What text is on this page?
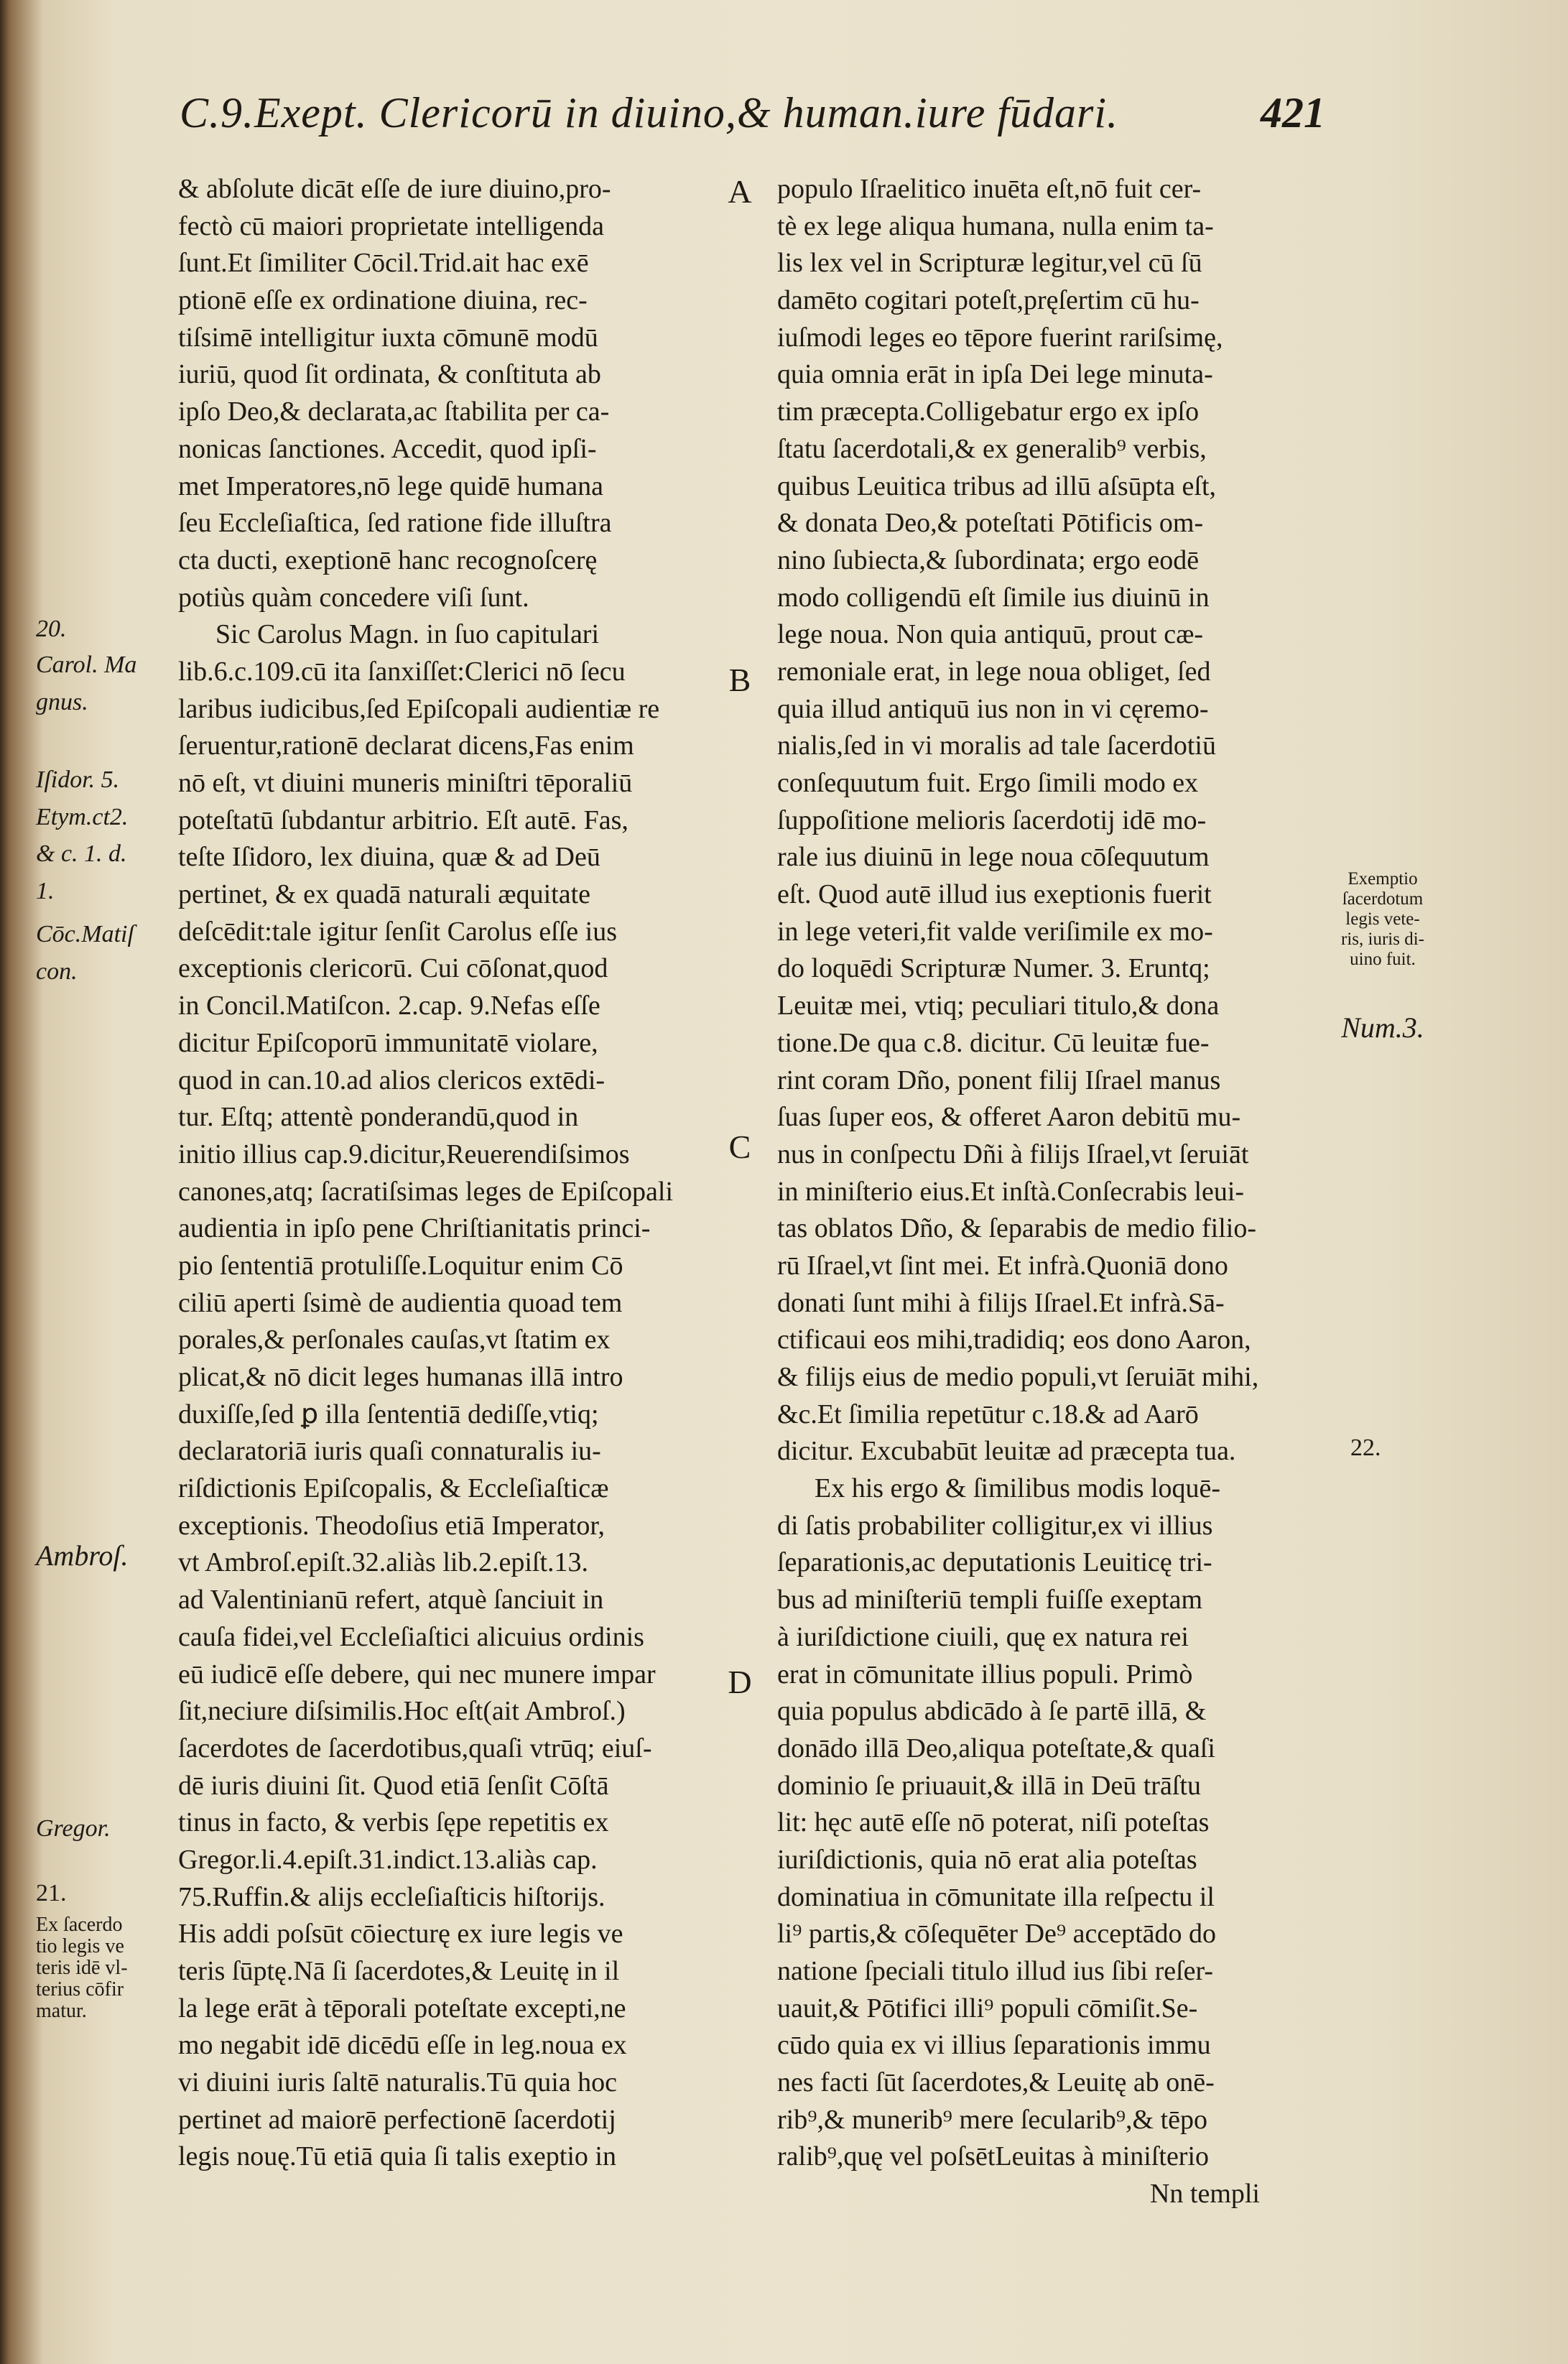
C.9.Exept. Clericorū in diuino,& human.iure fūdari.	421
A
B
C
D
& abſolute dicāt eſſe de iure diuino,pro-
fectò cū maiori proprietate intelligenda
ſunt.Et ſimiliter Cōcil.Trid.ait hac exē
ptionē eſſe ex ordinatione diuina, rec-
tiſsimē intelligitur iuxta cōmunē modū
iuriū, quod ſit ordinata, & conſtituta ab
ipſo Deo,& declarata,ac ſtabilita per ca-
nonicas ſanctiones. Accedit, quod ipſi-
met Imperatores,nō lege quidē humana
ſeu Eccleſiaſtica, ſed ratione fide illuſtra
cta ducti, exeptionē hanc recognoſcerę
potiùs quàm concedere viſi ſunt.
Sic Carolus Magn. in ſuo capitulari
lib.6.c.109.cū ita ſanxiſſet:Clerici nō ſecu
laribus iudicibus,ſed Epiſcopali audientiæ re
ſeruentur,rationē declarat dicens,Fas enim
nō eſt, vt diuini muneris miniſtri tēporaliū
poteſtatū ſubdantur arbitrio. Eſt autē. Fas,
teſte Iſidoro, lex diuina, quæ & ad Deū
pertinet, & ex quadā naturali æquitate
deſcēdit:tale igitur ſenſit Carolus eſſe ius
exceptionis clericorū. Cui cōſonat,quod
in Concil.Matiſcon. 2.cap. 9.Nefas eſſe
dicitur Epiſcoporū immunitatē violare,
quod in can.10.ad alios clericos extēdi-
tur. Eſtq; attentè ponderandū,quod in
initio illius cap.9.dicitur,Reuerendiſsimos
canones,atq; ſacratiſsimas leges de Epiſcopali
audientia in ipſo pene Chriſtianitatis princi-
pio ſententiā protuliſſe.Loquitur enim Cō
ciliū aperti ſsimè de audientia quoad tem
porales,& perſonales cauſas,vt ſtatim ex
plicat,& nō dicit leges humanas illā intro
duxiſſe,ſed ꝑ illa ſententiā dediſſe,vtiq;
declaratoriā iuris quaſi connaturalis iu-
riſdictionis Epiſcopalis, & Eccleſiaſticæ
exceptionis. Theodoſius etiā Imperator,
vt Ambroſ.epiſt.32.aliàs lib.2.epiſt.13.
ad Valentinianū refert, atquè ſanciuit in
cauſa fidei,vel Eccleſiaſtici alicuius ordinis
eū iudicē eſſe debere, qui nec munere impar
ſit,neciure diſsimilis.Hoc eſt(ait Ambroſ.)
ſacerdotes de ſacerdotibus,quaſi vtrūq; eiuſ-
dē iuris diuini ſit. Quod etiā ſenſit Cōſtā
tinus in facto, & verbis ſępe repetitis ex
Gregor.li.4.epiſt.31.indict.13.aliàs cap.
75.Ruffin.& alijs eccleſiaſticis hiſtorijs.
His addi poſsūt cōiecturę ex iure legis ve
teris ſūptę.Nā ſi ſacerdotes,& Leuitę in il
la lege erāt à tēporali poteſtate excepti,ne
mo negabit idē dicēdū eſſe in leg.noua ex
vi diuini iuris ſaltē naturalis.Tū quia hoc
pertinet ad maiorē perfectionē ſacerdotij
legis nouę.Tū etiā quia ſi talis exeptio in
populo Iſraelitico inuēta eſt,nō fuit cer-
tè ex lege aliqua humana, nulla enim ta-
lis lex vel in Scripturæ legitur,vel cū ſū
damēto cogitari poteſt,pręſertim cū hu-
iuſmodi leges eo tēpore fuerint rariſsimę,
quia omnia erāt in ipſa Dei lege minuta-
tim præcepta.Colligebatur ergo ex ipſo
ſtatu ſacerdotali,& ex generalib⁹ verbis,
quibus Leuitica tribus ad illū aſsūpta eſt,
& donata Deo,& poteſtati Pōtificis om-
nino ſubiecta,& ſubordinata; ergo eodē
modo colligendū eſt ſimile ius diuinū in
lege noua. Non quia antiquū, prout cæ-
remoniale erat, in lege noua obliget, ſed
quia illud antiquū ius non in vi cęremo-
nialis,ſed in vi moralis ad tale ſacerdotiū
conſequutum fuit. Ergo ſimili modo ex
ſuppoſitione melioris ſacerdotij idē mo-
rale ius diuinū in lege noua cōſequutum
eſt. Quod autē illud ius exeptionis fuerit
in lege veteri,fit valde veriſimile ex mo-
do loquēdi Scripturæ Numer. 3. Eruntq;
Leuitæ mei, vtiq; peculiari titulo,& dona
tione.De qua c.8. dicitur. Cū leuitæ fue-
rint coram Dño, ponent filij Iſrael manus
ſuas ſuper eos, & offeret Aaron debitū mu-
nus in conſpectu Dñi à filijs Iſrael,vt ſeruiāt
in miniſterio eius.Et inſtà.Conſecrabis leui-
tas oblatos Dño, & ſeparabis de medio filio-
rū Iſrael,vt ſint mei. Et infrà.Quoniā dono
donati ſunt mihi à filijs Iſrael.Et infrà.Sā-
ctificaui eos mihi,tradidiq; eos dono Aaron,
& filijs eius de medio populi,vt ſeruiāt mihi,
&c.Et ſimilia repetūtur c.18.& ad Aarō
dicitur. Excubabūt leuitæ ad præcepta tua.
Ex his ergo & ſimilibus modis loquē-
di ſatis probabiliter colligitur,ex vi illius
ſeparationis,ac deputationis Leuiticę tri-
bus ad miniſteriū templi fuiſſe exeptam
à iuriſdictione ciuili, quę ex natura rei
erat in cōmunitate illius populi. Primò
quia populus abdicādo à ſe partē illā, &
donādo illā Deo,aliqua poteſtate,& quaſi
dominio ſe priuauit,& illā in Deū trāſtu
lit: hęc autē eſſe nō poterat, niſi poteſtas
iuriſdictionis, quia nō erat alia poteſtas
dominatiua in cōmunitate illa reſpectu il
li⁹ partis,& cōſequēter De⁹ acceptādo do
natione ſpeciali titulo illud ius ſibi reſer-
uauit,& Pōtifici illi⁹ populi cōmiſit.Se-
cūdo quia ex vi illius ſeparationis immu
nes facti ſūt ſacerdotes,& Leuitę ab onē-
rib⁹,& munerib⁹ mere ſecularib⁹,& tēpo
ralib⁹,quę vel poſsētLeuitas à miniſterio
Nn templi
20.
Carol. Ma
gnus.
Iſidor. 5.
Etym.ct2.
& c. 1. d.
1.
Cōc.Matiſ
con.
Ambroſ.
Gregor.
21.
Ex ſacerdo
tio legis ve
teris idē vl-
terius cōfir
matur.
Exemptio
ſacerdotum
legis vete-
ris, iuris di-
uino fuit.
Num.3.
22.
